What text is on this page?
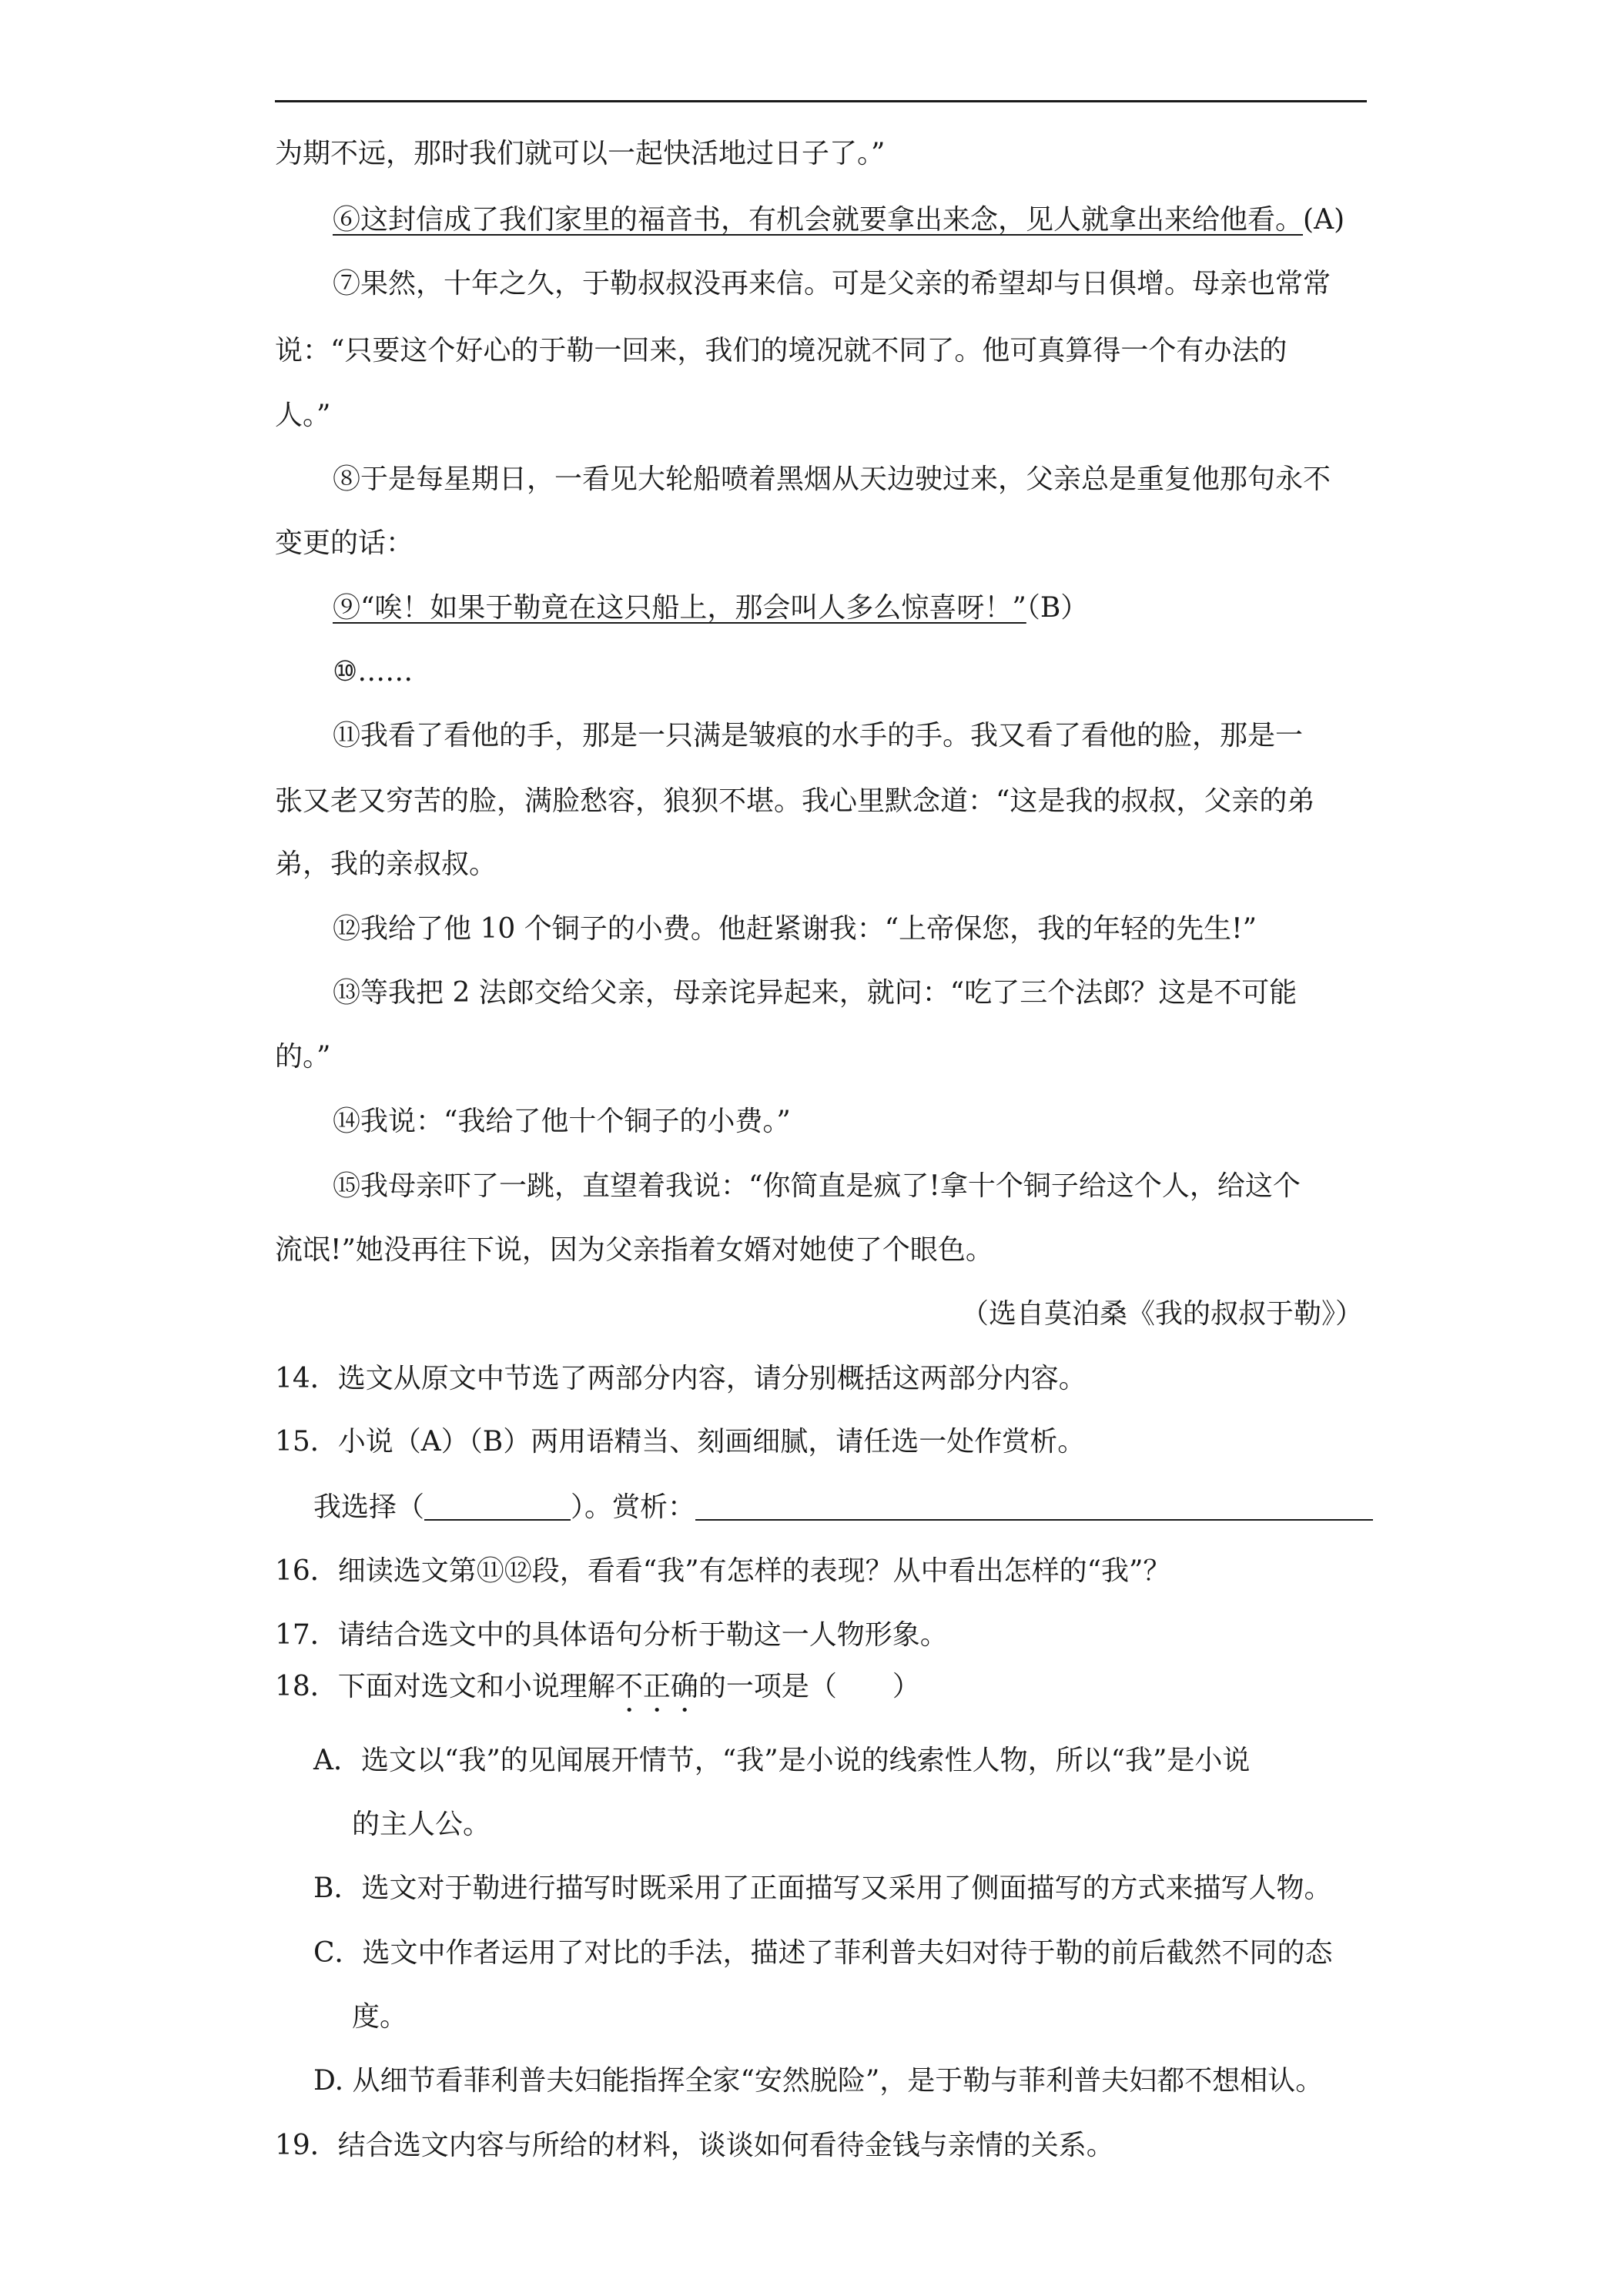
为期不远，那时我们就可以一起快活地过日子了。”
⑥这封信成了我们家里的福音书，有机会就要拿出来念，见人就拿出来给他看。(A)
⑦果然，十年之久，于勒叔叔没再来信。可是父亲的希望却与日俱增。母亲也常常
说：“只要这个好心的于勒一回来，我们的境况就不同了。他可真算得一个有办法的
人。”
⑧于是每星期日，一看见大轮船喷着黑烟从天边驶过来，父亲总是重复他那句永不
变更的话：
⑨“唉！如果于勒竟在这只船上，那会叫人多么惊喜呀！”（B）
⑩……
⑪我看了看他的手，那是一只满是皱痕的水手的手。我又看了看他的脸，那是一
张又老又穷苦的脸，满脸愁容，狼狈不堪。我心里默念道：“这是我的叔叔，父亲的弟
弟，我的亲叔叔。
⑫我给了他 10 个铜子的小费。他赶紧谢我：“上帝保您，我的年轻的先生!”
⑬等我把 2 法郎交给父亲，母亲诧异起来，就问：“吃了三个法郎？这是不可能
的。”
⑭我说：“我给了他十个铜子的小费。”
⑮我母亲吓了一跳，直望着我说：“你简直是疯了!拿十个铜子给这个人，给这个
流氓!”她没再往下说，因为父亲指着女婿对她使了个眼色。
（选自莫泊桑《我的叔叔于勒》）
14．选文从原文中节选了两部分内容，请分别概括这两部分内容。
15．小说（A）（B）两用语精当、刻画细腻，请任选一处作赏析。
我选择（	）。赏析：
16．细读选文第⑪⑫段，看看“我”有怎样的表现？从中看出怎样的“我”？
17．请结合选文中的具体语句分析于勒这一人物形象。
18．下面对选文和小说理解不正确的一项是（　　）
A．选文以“我”的见闻展开情节，“我”是小说的线索性人物，所以“我”是小说
的主人公。
B．选文对于勒进行描写时既采用了正面描写又采用了侧面描写的方式来描写人物。
C．选文中作者运用了对比的手法，描述了菲利普夫妇对待于勒的前后截然不同的态
度。
D. 从细节看菲利普夫妇能指挥全家“安然脱险”，是于勒与菲利普夫妇都不想相认。
19．结合选文内容与所给的材料，谈谈如何看待金钱与亲情的关系。
